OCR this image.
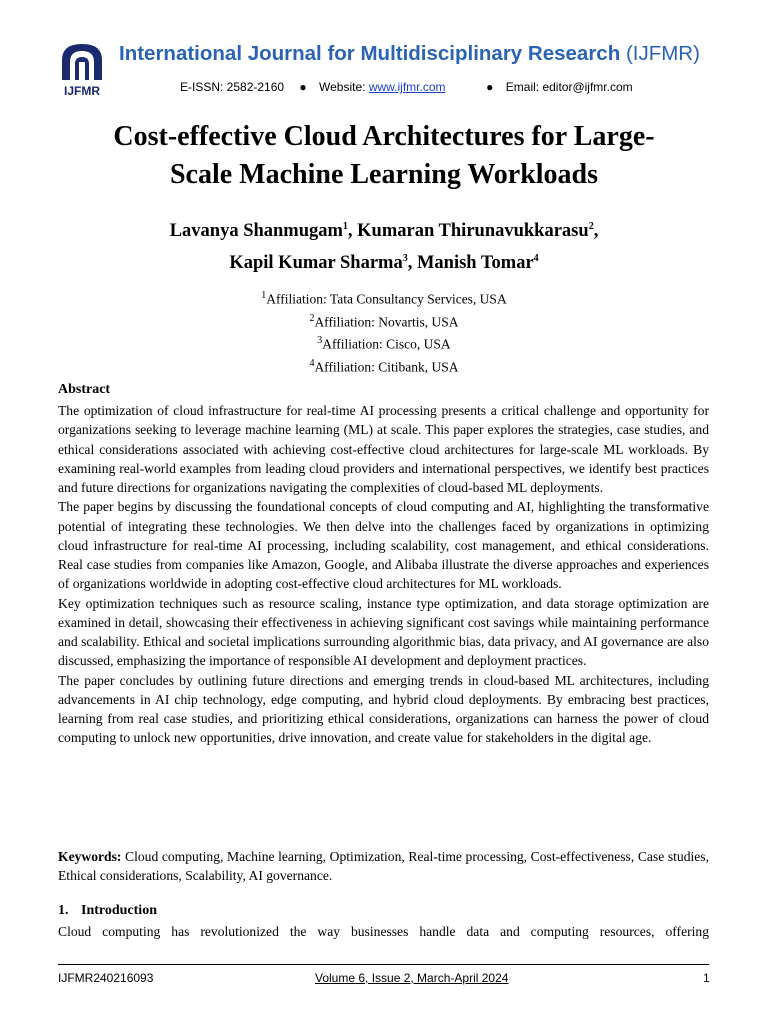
IJFMR
International Journal for Multidisciplinary Research (IJFMR)
E-ISSN: 2582-2160 ● Website: www.ijfmr.com	● Email: editor@ijfmr.com
Cost-effective Cloud Architectures for Large-
Scale Machine Learning Workloads
Lavanya Shanmugam$^1$, Kumaran Thirunavukkarasu$^2$,
Kapil Kumar Sharma$^3$, Manish Tomar$^4$
$^1$Affiliation: Tata Consultancy Services, USA
$^2$Affiliation: Novartis, USA
$^3$Affiliation: Cisco, USA
$^4$Affiliation: Citibank, USA
Abstract

The optimization of cloud infrastructure for real-time AI processing presents a critical challenge and opportunity for organizations seeking to leverage machine learning (ML) at scale. This paper explores the strategies, case studies, and ethical considerations associated with achieving cost-effective cloud architectures for large-scale ML workloads. By examining real-world examples from leading cloud providers and international perspectives, we identify best practices and future directions for organizations navigating the complexities of cloud-based ML deployments.

The paper begins by discussing the foundational concepts of cloud computing and AI, highlighting the transformative potential of integrating these technologies. We then delve into the challenges faced by organizations in optimizing cloud infrastructure for real-time AI processing, including scalability, cost management, and ethical considerations. Real case studies from companies like Amazon, Google, and Alibaba illustrate the diverse approaches and experiences of organizations worldwide in adopting cost-effective cloud architectures for ML workloads.

Key optimization techniques such as resource scaling, instance type optimization, and data storage optimization are examined in detail, showcasing their effectiveness in achieving significant cost savings while maintaining performance and scalability. Ethical and societal implications surrounding algorithmic bias, data privacy, and AI governance are also discussed, emphasizing the importance of responsible AI development and deployment practices.

The paper concludes by outlining future directions and emerging trends in cloud-based ML architectures, including advancements in AI chip technology, edge computing, and hybrid cloud deployments. By embracing best practices, learning from real case studies, and prioritizing ethical considerations, organizations can harness the power of cloud computing to unlock new opportunities, drive innovation, and create value for stakeholders in the digital age.

Keywords: Cloud computing, Machine learning, Optimization, Real-time processing, Cost-effectiveness, Case studies, Ethical considerations, Scalability, AI governance.
1. Introduction
Cloud computing has revolutionized the way businesses handle data and computing resources, offering
IJFMR240216093	Volume 6, Issue 2, March-April 2024	1
